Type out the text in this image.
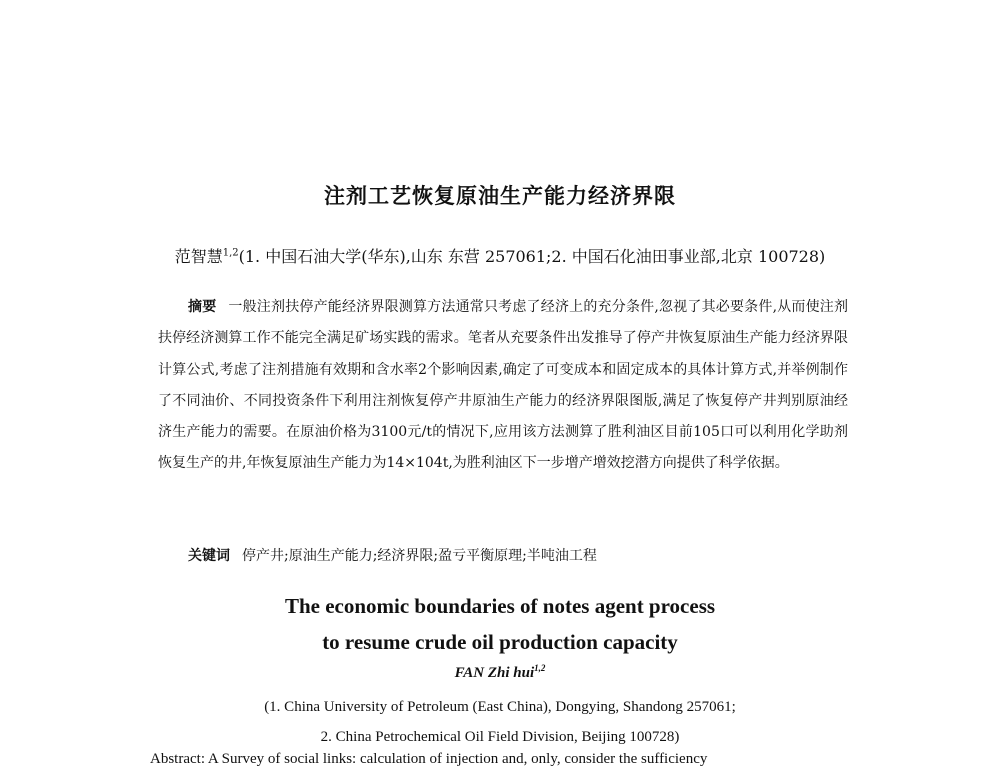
注剂工艺恢复原油生产能力经济界限
范智慧$^{1,2}$(1. 中国石油大学(华东),山东 东营 257061;2. 中国石化油田事业部,北京 100728)
摘要 一般注剂扶停产能经济界限测算方法通常只考虑了经济上的充分条件,忽视了其必要条件,从而使注剂扶停经济测算工作不能完全满足矿场实践的需求。笔者从充要条件出发推导了停产井恢复原油生产能力经济界限计算公式,考虑了注剂措施有效期和含水率2个影响因素,确定了可变成本和固定成本的具体计算方式,并举例制作了不同油价、不同投资条件下利用注剂恢复停产井原油生产能力的经济界限图版,满足了恢复停产井判别原油经济生产能力的需要。在原油价格为3100元/t的情况下,应用该方法测算了胜利油区目前105口可以利用化学助剂恢复生产的井,年恢复原油生产能力为14×104t,为胜利油区下一步增产增效挖潜方向提供了科学依据。
关键词 停产井;原油生产能力;经济界限;盈亏平衡原理;半吨油工程
The economic boundaries of notes agent process
to resume crude oil production capacity
FAN Zhi hui$^{1,2}$
(1. China University of Petroleum (East China), Dongying, Shandong 257061;
2. China Petrochemical Oil Field Division, Beijing 100728)
Abstract: A Survey of social links: calculation of injection and, only, consider the sufficiency
